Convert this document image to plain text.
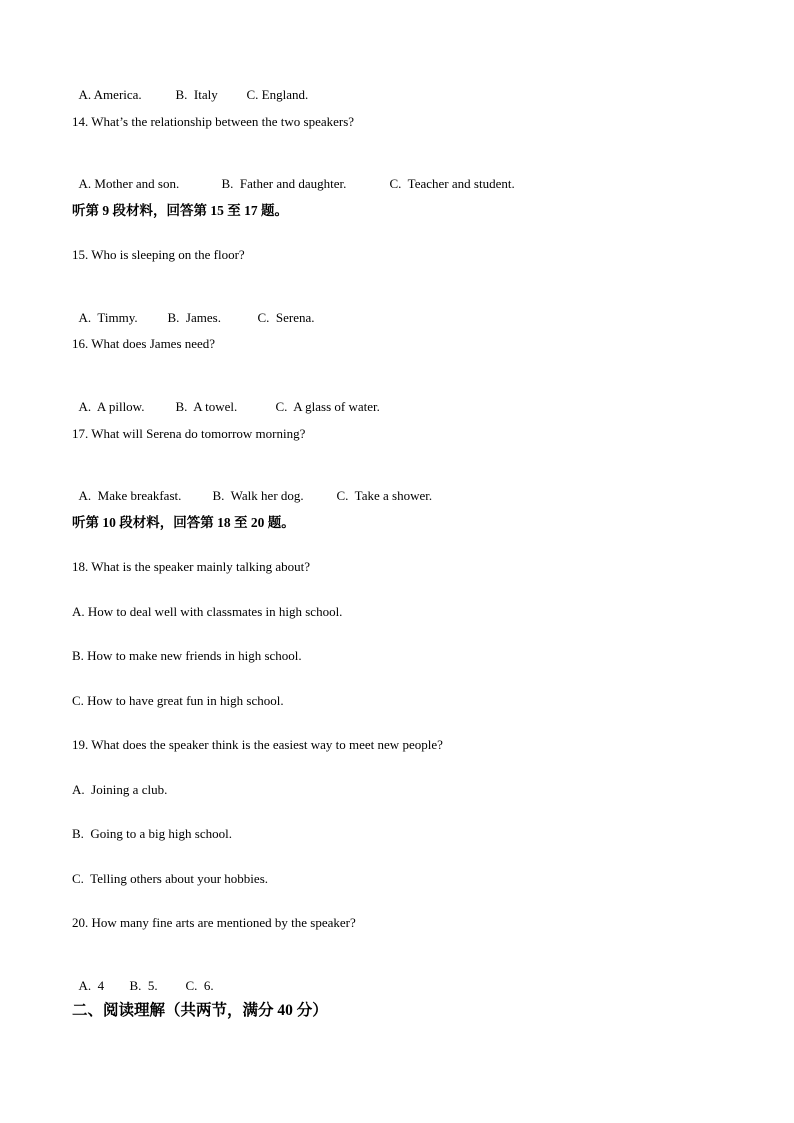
A. America.	B.  Italy C. England.

14. What’s the relationship between the two speakers?

A. Mother and son.	B.  Father and daughter.	C.  Teacher and student.

听第 9 段材料，回答第 15 至 17 题。
15. Who is sleeping on the floor?

A.  Timmy. B.  James.	C.  Serena.

16. What does James need?

A.  A pillow. B.  A towel.	C.  A glass of water.

17. What will Serena do tomorrow morning?

A.  Make breakfast. B.  Walk her dog.	C.  Take a shower.

听第 10 段材料，回答第 18 至 20 题。
18. What is the speaker mainly talking about?
A. How to deal well with classmates in high school.
B. How to make new friends in high school.
C. How to have great fun in high school.
19. What does the speaker think is the easiest way to meet new people?
A.  Joining a club.
B.  Going to a big high school.
C.  Telling others about your hobbies.
20. How many fine arts are mentioned by the speaker?

A.  4 B.  5. C.  6.

二、阅读理解（共两节，满分 40 分）
